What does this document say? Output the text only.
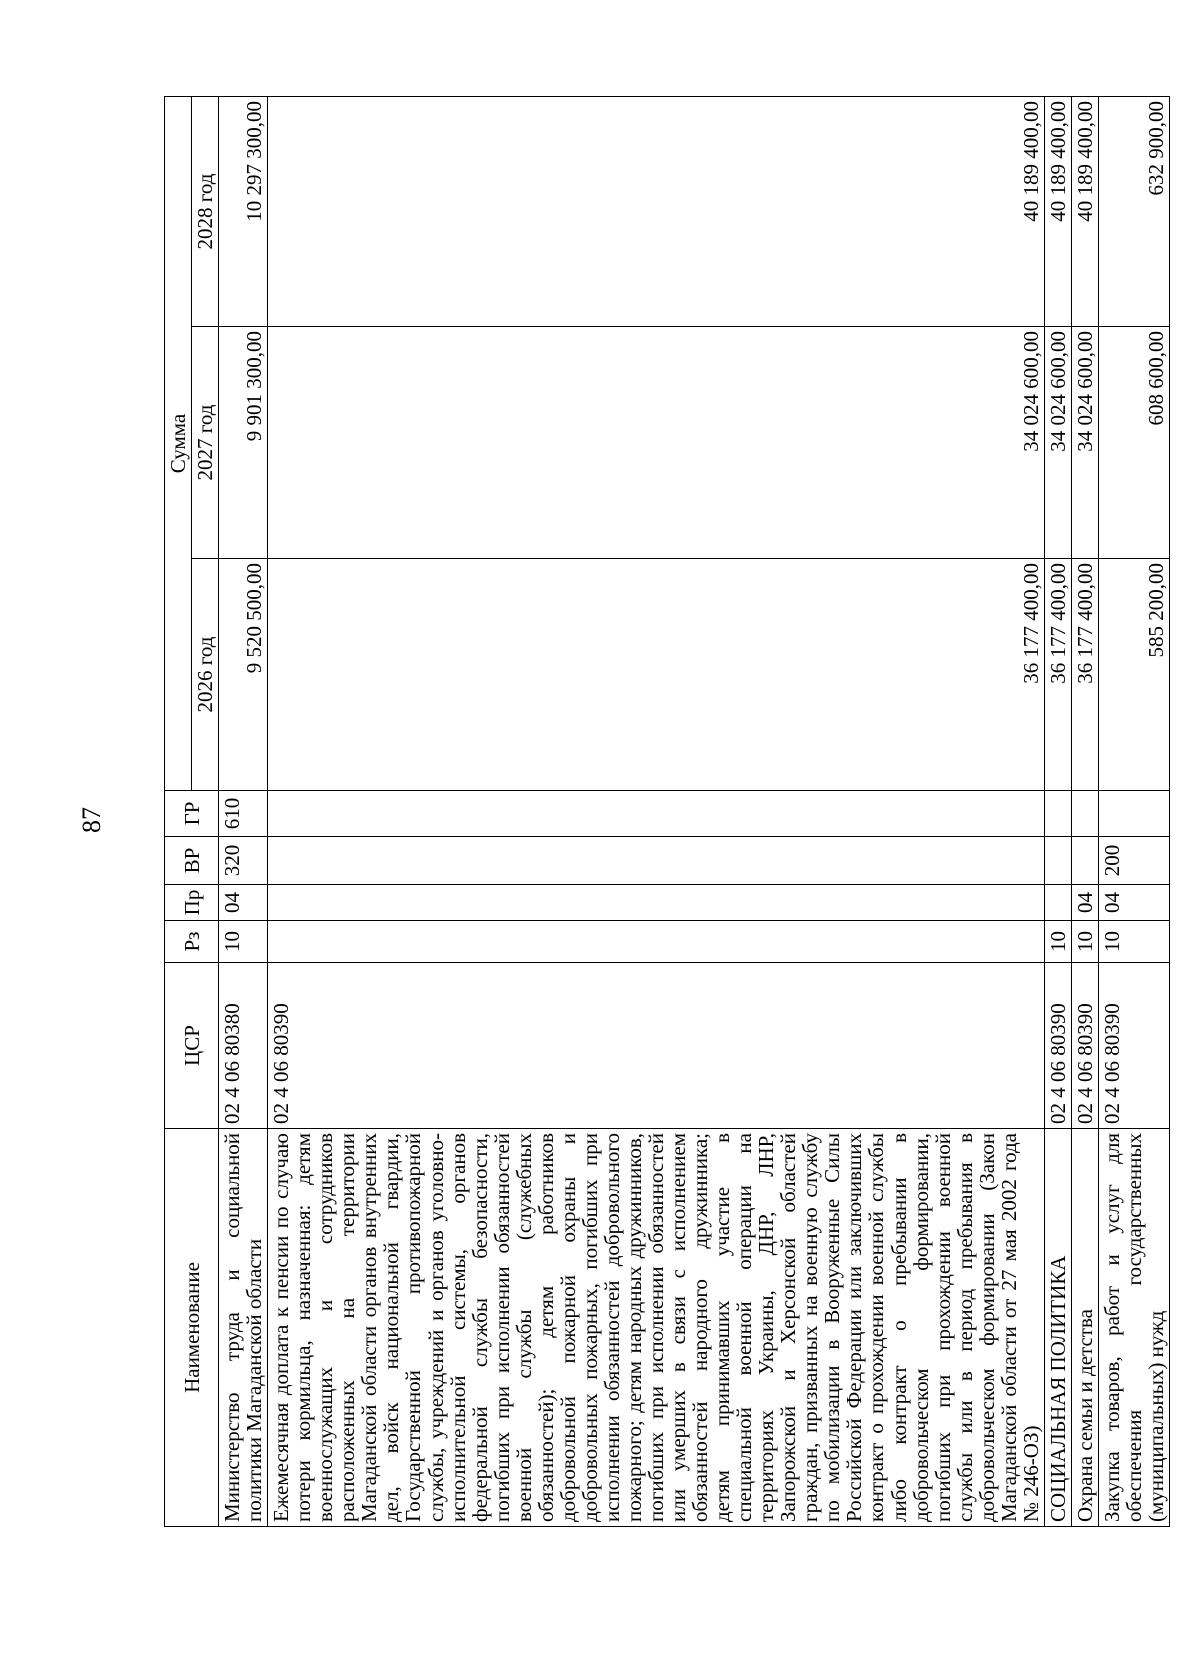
87
Наименование	ЦСР	Рз	Пр	ВР	ГР	Сумма		
						2026 год	2027 год	2028 год
Министерство труда и социальной политики Магаданской области	02 4 06 80380	10	04	320	610	9 520 500,00	9 901 300,00	10 297 300,00
Ежемесячная доплата к пенсии по случаю потери кормильца, назначенная: детям военнослужащих и сотрудников расположенных на территории Магаданской области органов внутренних дел, войск национальной гвардии, Государственной противопожарной службы, учреждений и органов уголовно-исполнительной системы, органов федеральной службы безопасности, погибших при исполнении обязанностей военной службы (служебных обязанностей); детям работников добровольной пожарной охраны и добровольных пожарных, погибших при исполнении обязанностей добровольного пожарного; детям народных дружинников, погибших при исполнении обязанностей или умерших в связи с исполнением обязанностей народного дружинника; детям принимавших участие в специальной военной операции на территориях Украины, ДНР, ЛНР, Запорожской и Херсонской областей граждан, призванных на военную службу по мобилизации в Вооруженные Силы Российской Федерации или заключивших контракт о прохождении военной службы либо контракт о пребывании в добровольческом формировании, погибших при прохождении военной службы или в период пребывания в добровольческом формировании (Закон Магаданской области от 27 мая 2002 года № 246-ОЗ)	02 4 06 80390					36 177 400,00	34 024 600,00	40 189 400,00
СОЦИАЛЬНАЯ ПОЛИТИКА	02 4 06 80390	10				36 177 400,00	34 024 600,00	40 189 400,00
Охрана семьи и детства	02 4 06 80390	10	04			36 177 400,00	34 024 600,00	40 189 400,00
Закупка товаров, работ и услуг для обеспечения государственных (муниципальных) нужд	02 4 06 80390	10	04	200		585 200,00	608 600,00	632 900,00
